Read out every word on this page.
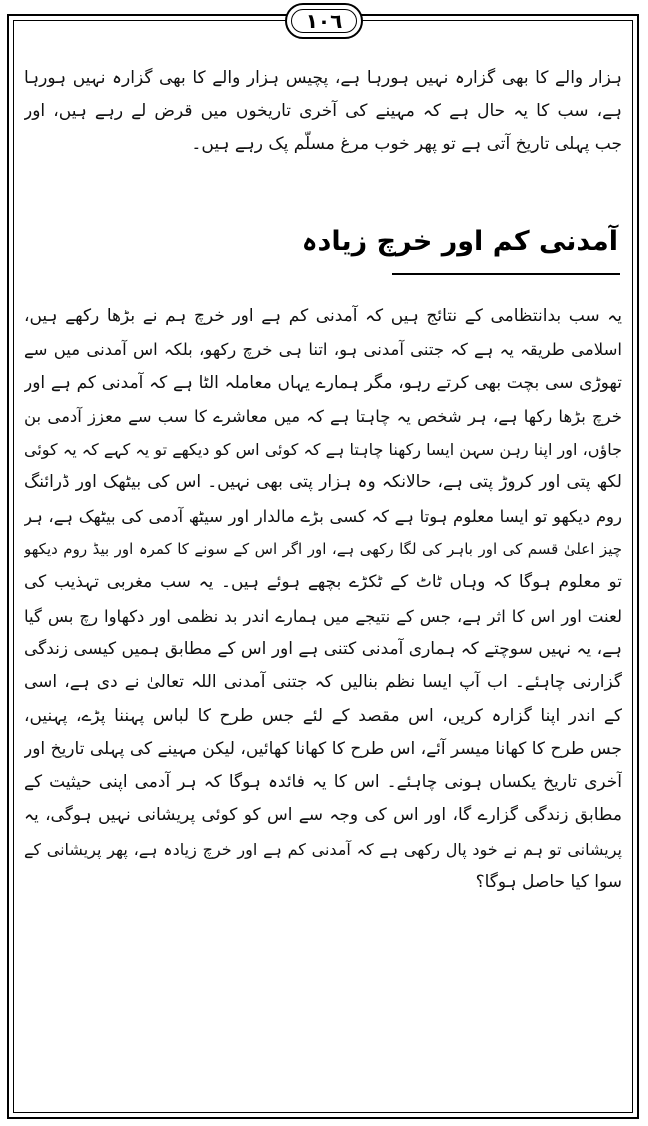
١٠٦
ہزار والے کا بھی گزارہ نہیں ہورہا ہے، پچیس ہزار والے کا بھی گزارہ نہیں ہورہا
ہے، سب کا یہ حال ہے کہ مہینے کی آخری تاریخوں میں قرض لے رہے ہیں، اور
جب پہلی تاریخ آتی ہے تو پھر خوب مرغ مسلّم پک رہے ہیں۔
آمدنی کم اور خرچ زیادہ
یہ سب بدانتظامی کے نتائج ہیں کہ آمدنی کم ہے اور خرچ ہم نے بڑھا رکھے ہیں،
اسلامی طریقہ یہ ہے کہ جتنی آمدنی ہو، اتنا ہی خرچ رکھو، بلکہ اس آمدنی میں سے
تھوڑی سی بچت بھی کرتے رہو، مگر ہمارے یہاں معاملہ الٹا ہے کہ آمدنی کم ہے اور
خرچ بڑھا رکھا ہے، ہر شخص یہ چاہتا ہے کہ میں معاشرے کا سب سے معزز آدمی بن
جاؤں، اور اپنا رہن سہن ایسا رکھنا چاہتا ہے کہ کوئی اس کو دیکھے تو یہ کہے کہ یہ کوئی
لکھ پتی اور کروڑ پتی ہے، حالانکہ وہ ہزار پتی بھی نہیں۔ اس کی بیٹھک اور ڈرائنگ
روم دیکھو تو ایسا معلوم ہوتا ہے کہ کسی بڑے مالدار اور سیٹھ آدمی کی بیٹھک ہے، ہر
چیز اعلیٰ قسم کی اور باہر کی لگا رکھی ہے، اور اگر اس کے سونے کا کمرہ اور بیڈ روم دیکھو
تو معلوم ہوگا کہ وہاں ٹاٹ کے ٹکڑے بچھے ہوئے ہیں۔ یہ سب مغربی تہذیب کی
لعنت اور اس کا اثر ہے، جس کے نتیجے میں ہمارے اندر بد نظمی اور دکھاوا رچ بس گیا
ہے، یہ نہیں سوچتے کہ ہماری آمدنی کتنی ہے اور اس کے مطابق ہمیں کیسی زندگی
گزارنی چاہئے۔ اب آپ ایسا نظم بنالیں کہ جتنی آمدنی اللہ تعالیٰ نے دی ہے، اسی
کے اندر اپنا گزارہ کریں، اس مقصد کے لئے جس طرح کا لباس پہننا پڑے، پہنیں،
جس طرح کا کھانا میسر آئے، اس طرح کا کھانا کھائیں، لیکن مہینے کی پہلی تاریخ اور
آخری تاریخ یکساں ہونی چاہئے۔ اس کا یہ فائدہ ہوگا کہ ہر آدمی اپنی حیثیت کے
مطابق زندگی گزارے گا، اور اس کی وجہ سے اس کو کوئی پریشانی نہیں ہوگی، یہ
پریشانی تو ہم نے خود پال رکھی ہے کہ آمدنی کم ہے اور خرچ زیادہ ہے، پھر پریشانی کے
سوا کیا حاصل ہوگا؟
